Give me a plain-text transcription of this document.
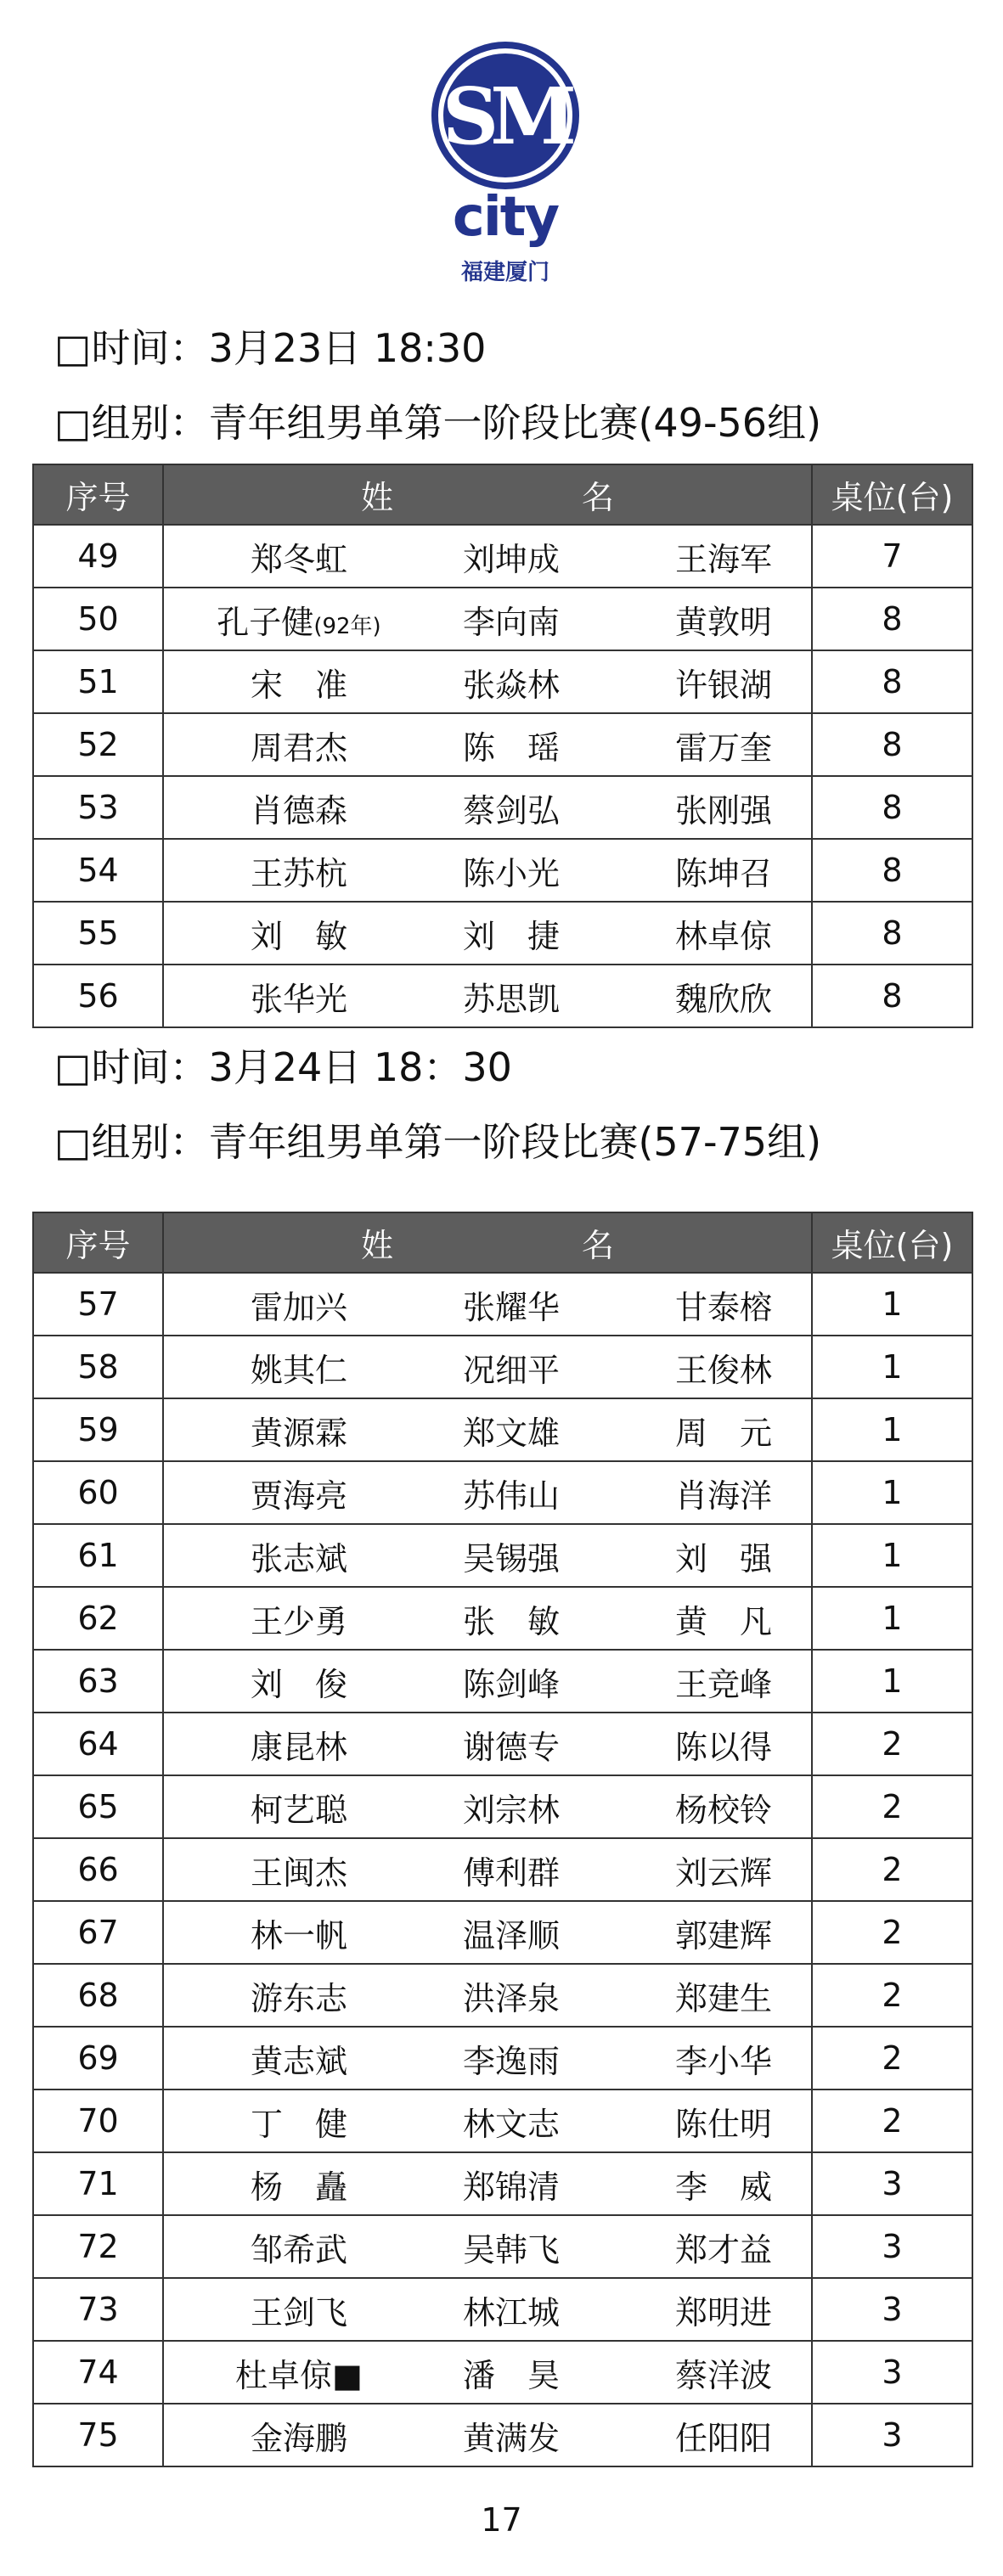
SM
city
福建厦门
□时间：3月23日 18:30
□组别：青年组男单第一阶段比赛(49-56组)
序号	姓 名	桌位(台)
49	郑冬虹 刘坤成 王海军	7
50	孔子健(92年) 李向南 黄敦明	8
51	宋　准 张焱林 许银湖	8
52	周君杰 陈　瑶 雷万奎	8
53	肖德森 蔡剑弘 张刚强	8
54	王苏杭 陈小光 陈坤召	8
55	刘　敏 刘　捷 林卓倞	8
56	张华光 苏思凯 魏欣欣	8
□时间：3月24日 18：30
□组别：青年组男单第一阶段比赛(57-75组)
序号	姓 名	桌位(台)
57	雷加兴 张耀华 甘泰榕	1
58	姚其仁 况细平 王俊林	1
59	黄源霖 郑文雄 周　元	1
60	贾海亮 苏伟山 肖海洋	1
61	张志斌 吴锡强 刘　强	1
62	王少勇 张　敏 黄　凡	1
63	刘　俊 陈剑峰 王竞峰	1
64	康昆林 谢德专 陈以得	2
65	柯艺聪 刘宗林 杨校铃	2
66	王闽杰 傅利群 刘云辉	2
67	林一帆 温泽顺 郭建辉	2
68	游东志 洪泽泉 郑建生	2
69	黄志斌 李逸雨 李小华	2
70	丁　健 林文志 陈仕明	2
71	杨　矗 郑锦清 李　威	3
72	邹希武 吴韩飞 郑才益	3
73	王剑飞 林江城 郑明进	3
74	杜卓倞■ 潘　昊 蔡洋波	3
75	金海鹏 黄满发 任阳阳	3
17
